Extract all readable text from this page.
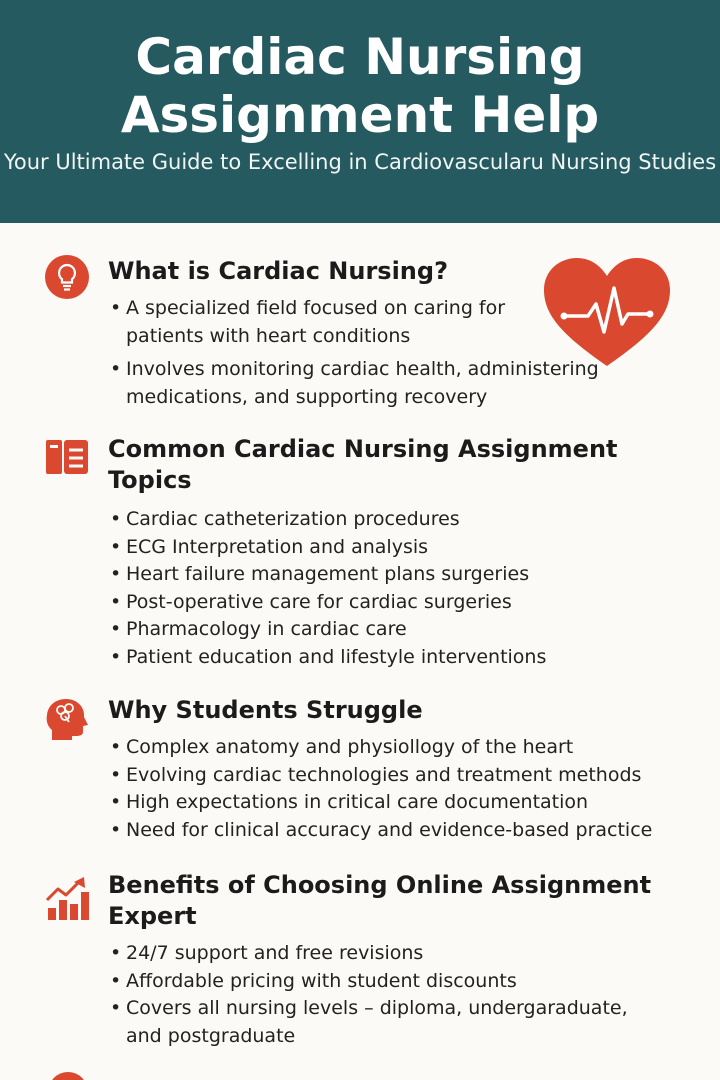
Cardiac Nursing Assignment Help
Your Ultimate Guide to Excelling in Cardiovascularu Nursing Studies
What is Cardiac Nursing?
• A specialized field focused on caring for patients with heart conditions
• Involves monitoring cardiac health, administering medications, and supporting recovery
Common Cardiac Nursing Assignment Topics
• Cardiac catheterization procedures
• ECG Interpretation and analysis
• Heart failure management plans surgeries
• Post-operative care for cardiac surgeries
• Pharmacology in cardiac care
• Patient education and lifestyle interventions
Why Students Struggle
• Complex anatomy and physiollogy of the heart
• Evolving cardiac technologies and treatment methods
• High expectations in critical care documentation
• Need for clinical accuracy and evidence-based practice
Benefits of Choosing Online Assignment Expert
• 24/7 support and free revisions
• Affordable pricing with student discounts
• Covers all nursing levels – diploma, undergaraduate, and postgraduate
